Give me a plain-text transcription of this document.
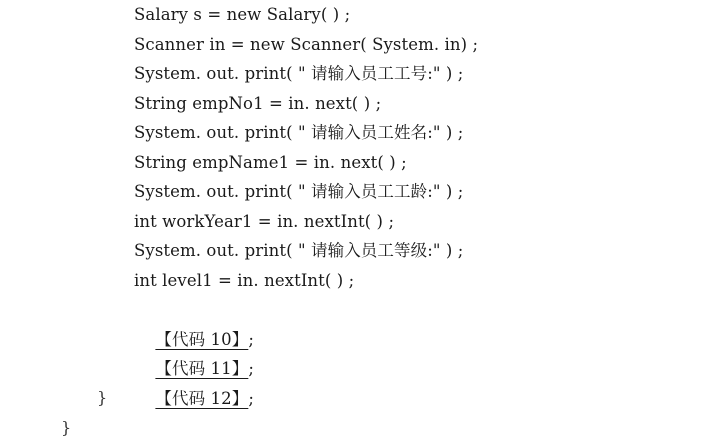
Salary s = new Salary( ) ;
Scanner in = new Scanner( System. in) ;
System. out. print( " 请输入员工工号:" ) ;
String empNo1 = in. next( ) ;
System. out. print( " 请输入员工姓名:" ) ;
String empName1 = in. next( ) ;
System. out. print( " 请输入员工工龄:" ) ;
int workYear1 = in. nextInt( ) ;
System. out. print( " 请输入员工等级:" ) ;
int level1 = in. nextInt( ) ;

【代码 10】;

【代码 11】;

【代码 12】;

}
}
